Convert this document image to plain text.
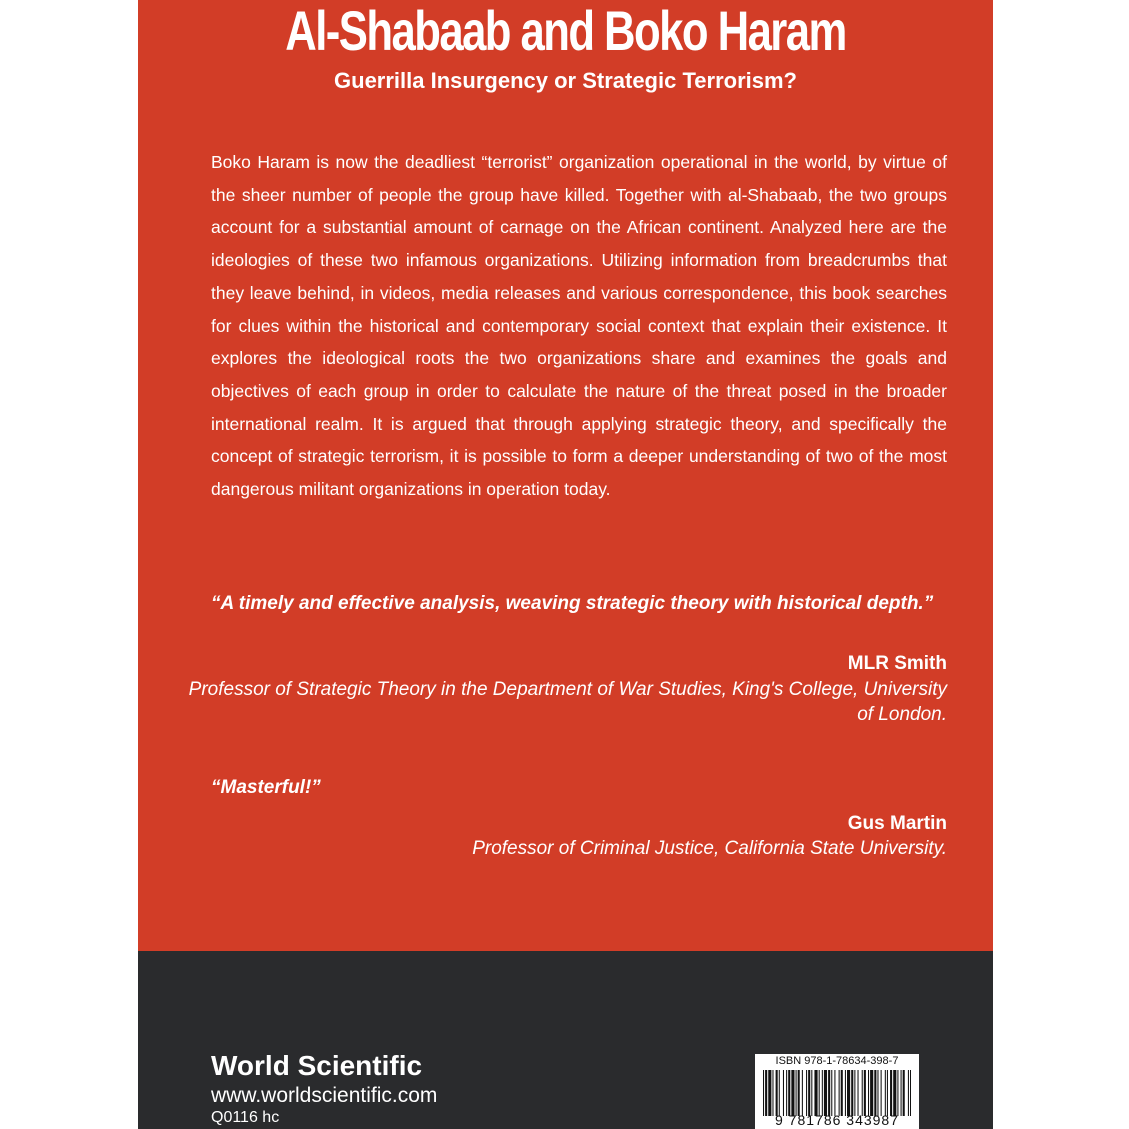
Al-Shabaab and Boko Haram
Guerrilla Insurgency or Strategic Terrorism?

Boko Haram is now the deadliest “terrorist” organization operational in the world, by virtue of the sheer number of people the group have killed. Together with al-Shabaab, the two groups account for a substantial amount of carnage on the African continent. Analyzed here are the ideologies of these two infamous organizations. Utilizing information from breadcrumbs that they leave behind, in videos, media releases and various correspondence, this book searches for clues within the historical and contemporary social context that explain their existence. It explores the ideological roots the two organizations share and examines the goals and objectives of each group in order to calculate the nature of the threat posed in the broader international realm. It is argued that through applying strategic theory, and specifically the concept of strategic terrorism, it is possible to form a deeper understanding of two of the most dangerous militant organizations in operation today.

“A timely and effective analysis, weaving strategic theory with historical depth.”

MLR Smith
Professor of Strategic Theory in the Department of War Studies, King's College, University of London.

“Masterful!”

Gus Martin
Professor of Criminal Justice, California State University.
World Scientific
www.worldscientific.com
Q0116 hc
ISBN 978-1-78634-398-7
9 781786 343987
